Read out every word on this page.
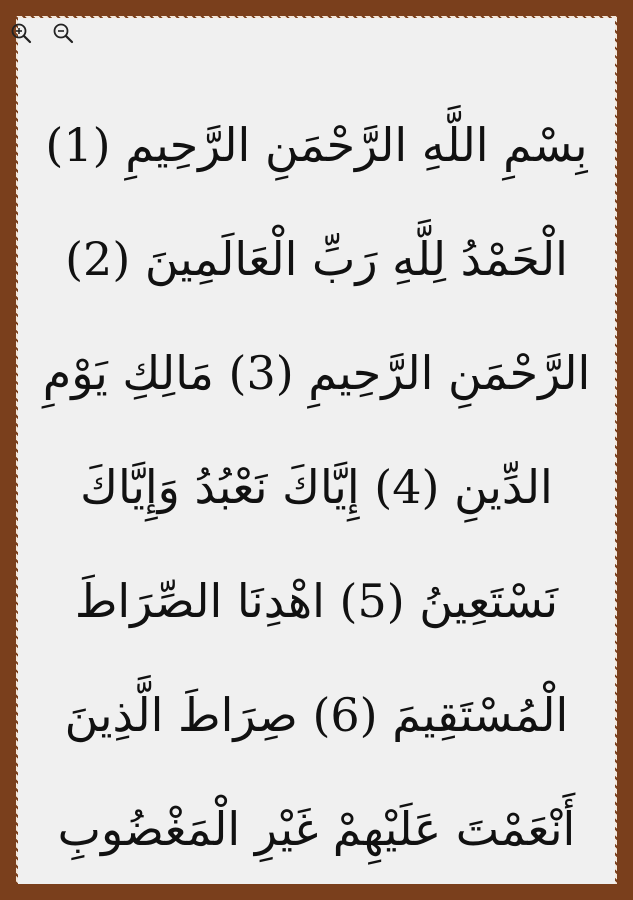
بِسْمِ اللَّهِ الرَّحْمَنِ الرَّحِيمِ (1)
الْحَمْدُ لِلَّهِ رَبِّ الْعَالَمِينَ (2)
الرَّحْمَنِ الرَّحِيمِ (3) مَالِكِ يَوْمِ
الدِّينِ (4) إِيَّاكَ نَعْبُدُ وَإِيَّاكَ
نَسْتَعِينُ (5) اهْدِنَا الصِّرَاطَ
الْمُسْتَقِيمَ (6) صِرَاطَ الَّذِينَ
أَنْعَمْتَ عَلَيْهِمْ غَيْرِ الْمَغْضُوبِ
